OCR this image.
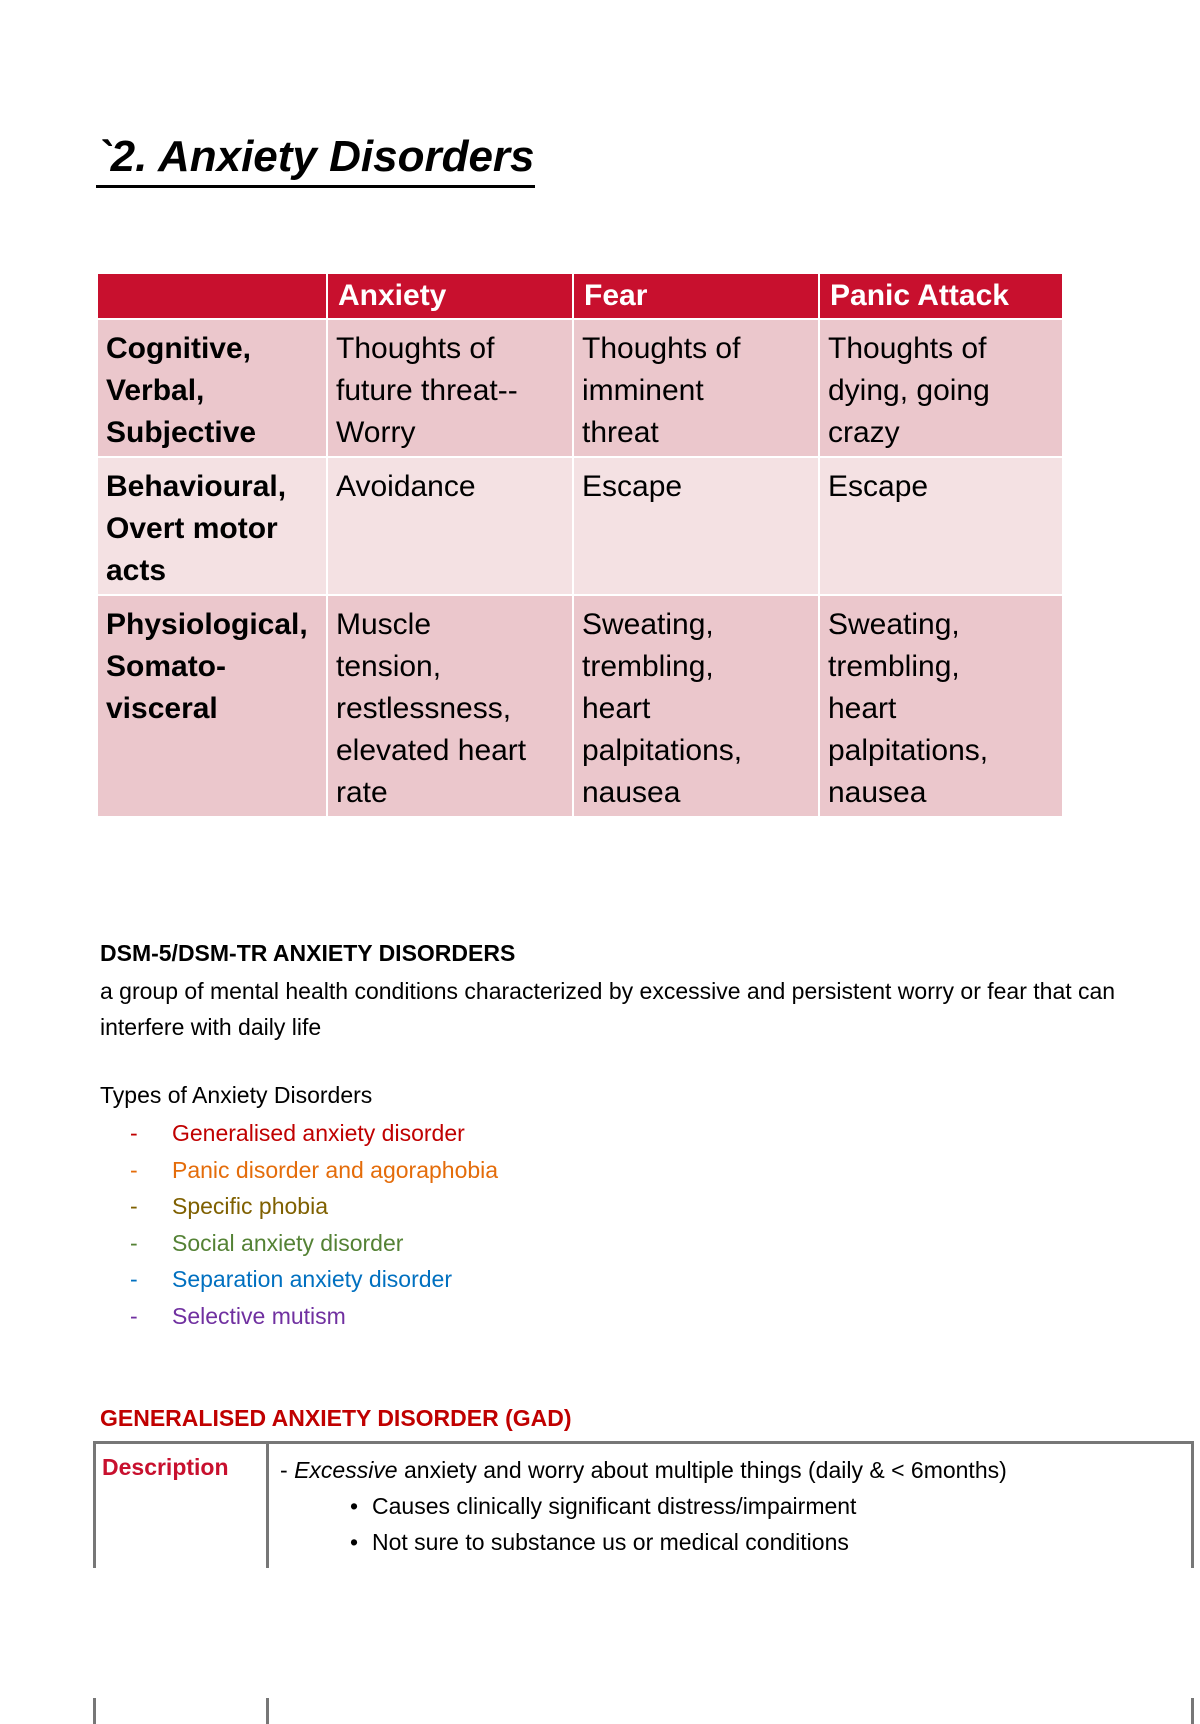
`2. Anxiety Disorders
	Anxiety	Fear	Panic Attack

Cognitive,
Verbal,
Subjective	Thoughts of
future threat--
Worry	Thoughts of
imminent
threat	Thoughts of
dying, going
crazy

Behavioural,
Overt motor
acts	Avoidance	Escape	Escape

Physiological,
Somato-
visceral	Muscle
tension,
restlessness,
elevated heart
rate	Sweating,
trembling,
heart
palpitations,
nausea	Sweating,
trembling,
heart
palpitations,
nausea

DSM-5/DSM-TR ANXIETY DISORDERS

a group of mental health conditions characterized by excessive and persistent worry or fear that can interfere with daily life

Types of Anxiety Disorders

- Generalised anxiety disorder
- Panic disorder and agoraphobia
- Specific phobia
- Social anxiety disorder
- Separation anxiety disorder
- Selective mutism

GENERALISED ANXIETY DISORDER (GAD)

Description - Excessive anxiety and worry about multiple things (daily & < 6months)
• Causes clinically significant distress/impairment
• Not sure to substance us or medical conditions
